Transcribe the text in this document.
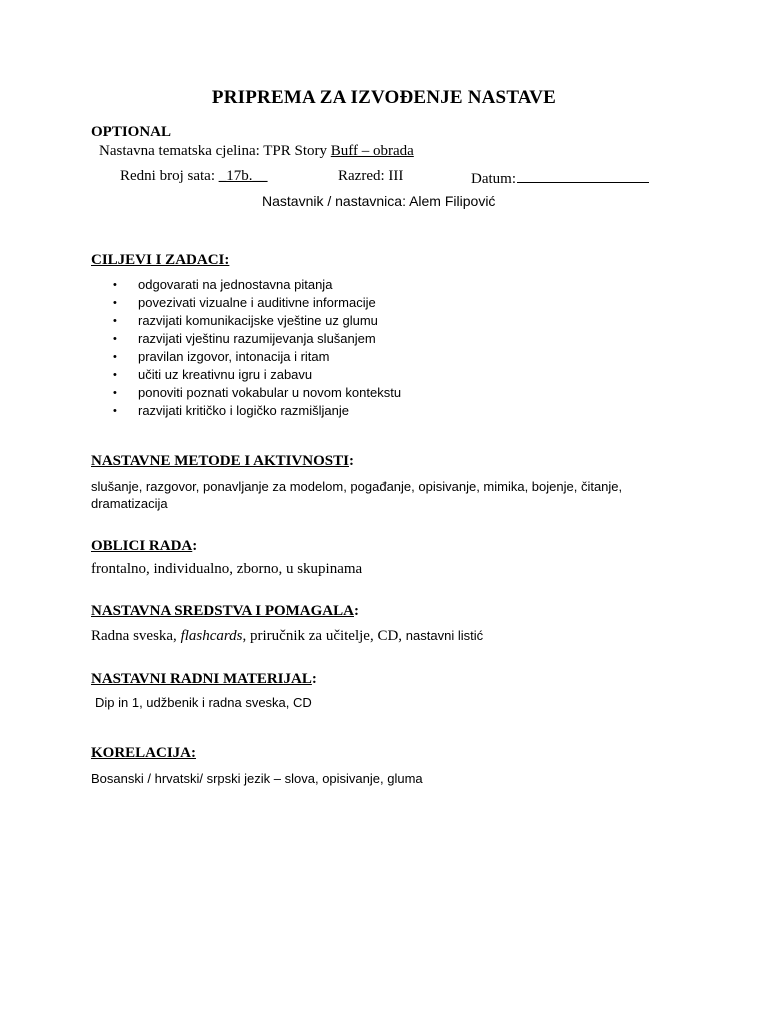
PRIPREMA ZA IZVOĐENJE NASTAVE
OPTIONAL
Nastavna tematska cjelina: TPR Story Buff – obrada
Redni broj sata: _17b.__	Razred: III	Datum:
Nastavnik / nastavnica: Alem Filipović
CILJEVI I ZADACI:
• odgovarati na jednostavna pitanja
• povezivati vizualne i auditivne informacije
• razvijati komunikacijske vještine uz glumu
• razvijati vještinu razumijevanja slušanjem
• pravilan izgovor, intonacija i ritam
• učiti uz kreativnu igru i zabavu
• ponoviti poznati vokabular u novom kontekstu
• razvijati kritičko i logičko razmišljanje
NASTAVNE METODE I AKTIVNOSTI:
slušanje, razgovor, ponavljanje za modelom, pogađanje, opisivanje, mimika, bojenje, čitanje,
dramatizacija
OBLICI RADA:
frontalno, individualno, zborno, u skupinama
NASTAVNA SREDSTVA I POMAGALA:
Radna sveska, flashcards, priručnik za učitelje, CD, nastavni listić
NASTAVNI RADNI MATERIJAL:
Dip in 1, udžbenik i radna sveska, CD
KORELACIJA:
Bosanski / hrvatski/ srpski jezik – slova, opisivanje, gluma
